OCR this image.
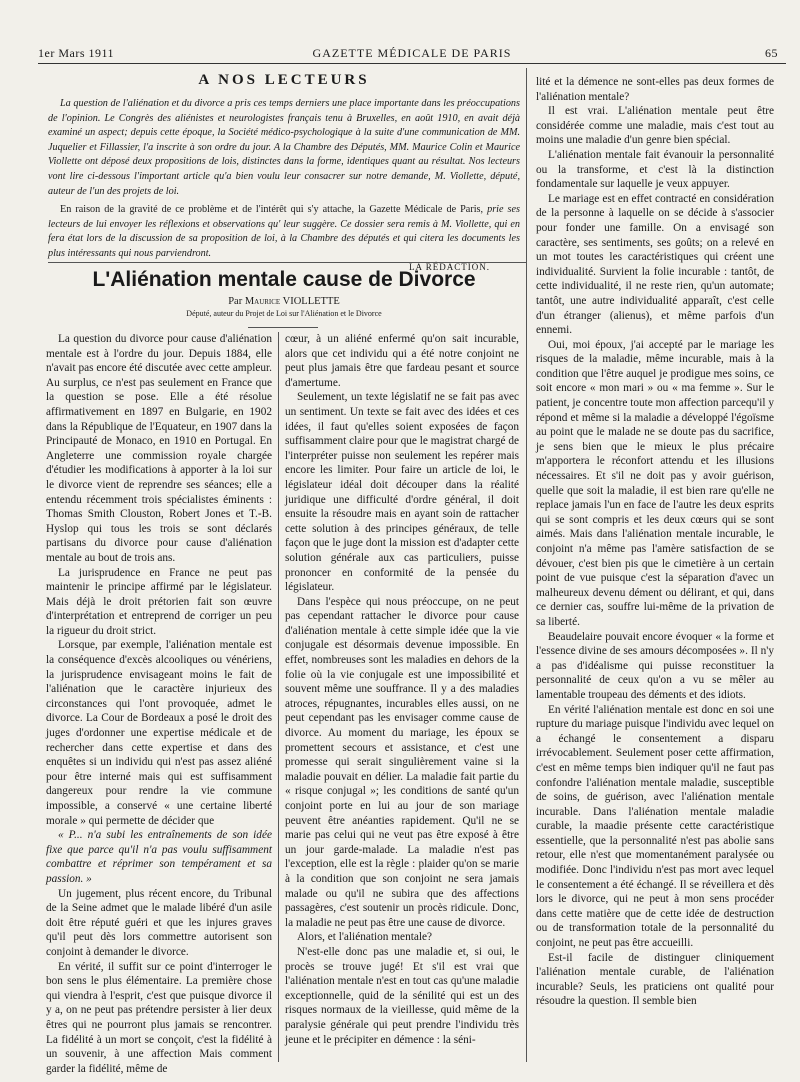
1er Mars 1911	GAZETTE MÉDICALE DE PARIS	65
A NOS LECTEURS

La question de l'aliénation et du divorce a pris ces temps derniers une place importante dans les préoccupations de l'opinion. Le Congrès des aliénistes et neurologistes français tenu à Bruxelles, en août 1910, en avait déjà examiné un aspect; depuis cette époque, la Société médico-psychologique à la suite d'une communication de MM. Juquelier et Fillassier, l'a inscrite à son ordre du jour. A la Chambre des Députés, MM. Maurice Colin et Maurice Viollette ont déposé deux propositions de lois, distinctes dans la forme, identiques quant au résultat. Nos lecteurs vont lire ci-dessous l'important article qu'a bien voulu leur consacrer sur notre demande, M. Viollette, député, auteur de l'un des projets de loi.

En raison de la gravité de ce problème et de l'intérêt qui s'y attache, la Gazette Médicale de Paris, prie ses lecteurs de lui envoyer les réflexions et observations qu' leur suggère. Ce dossier sera remis à M. Viollette, qui en fera état lors de la discussion de sa proposition de loi, à la Chambre des députés et qui citera les documents les plus intéressants qui nous parviendront.

LA RÉDACTION.
L'Aliénation mentale cause de Divorce
Par Maurice VIOLLETTE
Député, auteur du Projet de Loi sur l'Aliénation et le Divorce

La question du divorce pour cause d'aliénation mentale est à l'ordre du jour. Depuis 1884, elle n'avait pas encore été discutée avec cette ampleur. Au surplus, ce n'est pas seulement en France que la question se pose. Elle a été résolue affirmativement en 1897 en Bulgarie, en 1902 dans la République de l'Equateur, en 1907 dans la Principauté de Monaco, en 1910 en Portugal. En Angleterre une commission royale chargée d'étudier les modifications à apporter à la loi sur le divorce vient de reprendre ses séances; elle a entendu récemment trois spécialistes éminents : Thomas Smith Clouston, Robert Jones et T.-B. Hyslop qui tous les trois se sont déclarés partisans du divorce pour cause d'aliénation mentale au bout de trois ans.

La jurisprudence en France ne peut pas maintenir le principe affirmé par le législateur. Mais déjà le droit prétorien fait son œuvre d'interprétation et entreprend de corriger un peu la rigueur du droit strict.

Lorsque, par exemple, l'aliénation mentale est la conséquence d'excès alcooliques ou vénériens, la jurisprudence envisageant moins le fait de l'aliénation que le caractère injurieux des circonstances qui l'ont provoquée, admet le divorce. La Cour de Bordeaux a posé le droit des juges d'ordonner une expertise médicale et de rechercher dans cette expertise et dans des enquêtes si un individu qui n'est pas assez aliéné pour être interné mais qui est suffisamment dangereux pour rendre la vie commune impossible, a conservé « une certaine liberté morale » qui permette de décider que

« P... n'a subi les entraînements de son idée fixe que parce qu'il n'a pas voulu suffisamment combattre et réprimer son tempérament et sa passion. »

Un jugement, plus récent encore, du Tribunal de la Seine admet que le malade libéré d'un asile doit être réputé guéri et que les injures graves qu'il peut dès lors commettre autorisent son conjoint à demander le divorce.

En vérité, il suffit sur ce point d'interroger le bon sens le plus élémentaire. La première chose qui viendra à l'esprit, c'est que puisque divorce il y a, on ne peut pas prétendre persister à lier deux êtres qui ne pourront plus jamais se rencontrer. La fidélité à un mort se conçoit, c'est la fidélité à un souvenir, à une affection Mais comment garder la fidélité, même de

cœur, à un aliéné enfermé qu'on sait incurable, alors que cet individu qui a été notre conjoint ne peut plus jamais être que fardeau pesant et source d'amertume.

Seulement, un texte législatif ne se fait pas avec un sentiment. Un texte se fait avec des idées et ces idées, il faut qu'elles soient exposées de façon suffisamment claire pour que le magistrat chargé de l'interpréter puisse non seulement les repérer mais encore les limiter. Pour faire un article de loi, le législateur idéal doit découper dans la réalité juridique une difficulté d'ordre général, il doit ensuite la résoudre mais en ayant soin de rattacher cette solution à des principes généraux, de telle façon que le juge dont la mission est d'adapter cette solution générale aux cas particuliers, puisse prononcer en conformité de la pensée du législateur.

Dans l'espèce qui nous préoccupe, on ne peut pas cependant rattacher le divorce pour cause d'aliénation mentale à cette simple idée que la vie conjugale est désormais devenue impossible. En effet, nombreuses sont les maladies en dehors de la folie où la vie conjugale est une impossibilité et souvent même une souffrance. Il y a des maladies atroces, répugnantes, incurables elles aussi, on ne peut cependant pas les envisager comme cause de divorce. Au moment du mariage, les époux se promettent secours et assistance, et c'est une promesse qui serait singulièrement vaine si la maladie pouvait en délier. La maladie fait partie du « risque conjugal »; les conditions de santé qu'un conjoint porte en lui au jour de son mariage peuvent être anéanties rapidement. Qu'il ne se marie pas celui qui ne veut pas être exposé à être un jour garde-malade. La maladie n'est pas l'exception, elle est la règle : plaider qu'on se marie à la condition que son conjoint ne sera jamais malade ou qu'il ne subira que des affections passagères, c'est soutenir un procès ridicule. Donc, la maladie ne peut pas être une cause de divorce.

Alors, et l'aliénation mentale?

N'est-elle donc pas une maladie et, si oui, le procès se trouve jugé! Et s'il est vrai que l'aliénation mentale n'est en tout cas qu'une maladie exceptionnelle, quid de la sénilité qui est un des risques normaux de la vieillesse, quid même de la paralysie générale qui peut prendre l'individu très jeune et le précipiter en démence : la séni-

lité et la démence ne sont-elles pas deux formes de l'aliénation mentale?

Il est vrai. L'aliénation mentale peut être considérée comme une maladie, mais c'est tout au moins une maladie d'un genre bien spécial.

L'aliénation mentale fait évanouir la personnalité ou la transforme, et c'est là la distinction fondamentale sur laquelle je veux appuyer.

Le mariage est en effet contracté en considération de la personne à laquelle on se décide à s'associer pour fonder une famille. On a envisagé son caractère, ses sentiments, ses goûts; on a relevé en un mot toutes les caractéristiques qui créent une individualité. Survient la folie incurable : tantôt, de cette individualité, il ne reste rien, qu'un automate; tantôt, une autre individualité apparaît, c'est celle d'un étranger (alienus), et même parfois d'un ennemi.

Oui, moi époux, j'ai accepté par le mariage les risques de la maladie, même incurable, mais à la condition que l'être auquel je prodigue mes soins, ce soit encore « mon mari » ou « ma femme ». Sur le patient, je concentre toute mon affection parcequ'il y répond et même si la maladie a développé l'égoïsme au point que le malade ne se doute pas du sacrifice, je sens bien que le mieux le plus précaire m'apportera le réconfort attendu et les illusions nécessaires. Et s'il ne doit pas y avoir guérison, quelle que soit la maladie, il est bien rare qu'elle ne replace jamais l'un en face de l'autre les deux esprits qui se sont compris et les deux cœurs qui se sont aimés. Mais dans l'aliénation mentale incurable, le conjoint n'a même pas l'amère satisfaction de se dévouer, c'est bien pis que le cimetière à un certain point de vue puisque c'est la séparation d'avec un malheureux devenu dément ou délirant, et qui, dans ce dernier cas, souffre lui-même de la privation de sa liberté.

Beaudelaire pouvait encore évoquer « la forme et l'essence divine de ses amours décomposées ». Il n'y a pas d'idéalisme qui puisse reconstituer la personnalité de ceux qu'on a vu se mêler au lamentable troupeau des déments et des idiots.

En vérité l'aliénation mentale est donc en soi une rupture du mariage puisque l'individu avec lequel on a échangé le consentement a disparu irrévocablement. Seulement poser cette affirmation, c'est en même temps bien indiquer qu'il ne faut pas confondre l'aliénation mentale maladie, susceptible de soins, de guérison, avec l'aliénation mentale incurable. Dans l'aliénation mentale maladie curable, la maadie présente cette caractéristique essentielle, que la personnalité n'est pas abolie sans retour, elle n'est que momentanément paralysée ou modifiée. Donc l'individu n'est pas mort avec lequel le consentement a été échangé. Il se réveillera et dès lors le divorce, qui ne peut à mon sens procéder dans cette matière que de cette idée de destruction ou de transformation totale de la personnalité du conjoint, ne peut pas être accueilli.

Est-il facile de distinguer cliniquement l'aliénation mentale curable, de l'aliénation incurable? Seuls, les praticiens ont qualité pour résoudre la question. Il semble bien
